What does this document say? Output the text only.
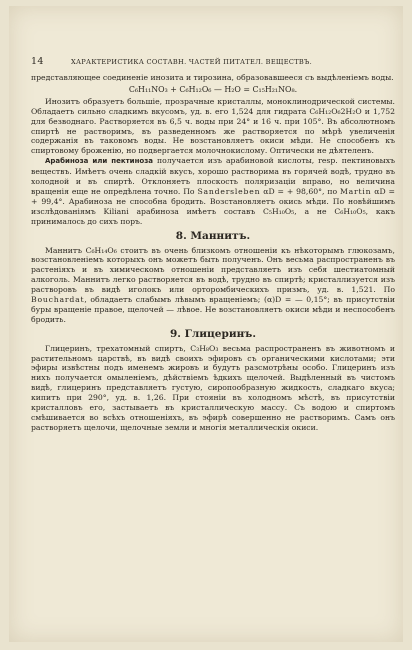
14	ХАРАКТЕРИСТИКА СОСТАВН. ЧАСТЕЙ ПИТАТЕЛ. ВЕЩЕСТВЪ.

представляющее соединеніе инозита и тирозина, образовавшееся съ выдѣленіемъ воды.

C₆H₁₁NO₃ + C₆H₁₂O₆ — H₂O = C₁₅H₂₁NO₈.

Инозитъ образуетъ большіе, прозрачные кристаллы, моноклинодрической системы. Обладаетъ сильно сладкимъ вкусомъ, уд. в. его 1,524 для гидрата C₆H₁₂O₆2H₂O и 1,752 для безводнаго. Растворяется въ 6,5 ч. воды при 24° и 16 ч. при 105°. Въ абсолютномъ спиртѣ не растворимъ, въ разведенномъ же растворяется по мѣрѣ увеличенія содержанія въ таковомъ воды. Не возстановляетъ окиси мѣди. Не способенъ къ спиртовому броженію, но подвергается молочнокислому. Оптически не дѣятеленъ.

Арабиноза или пектиноза получается изъ арабиновой кислоты, resp. пектиновыхъ веществъ. Имѣетъ очень сладкій вкусъ, хорошо растворима въ горячей водѣ, трудно въ холодной и въ спиртѣ. Отклоняетъ плоскость поляризаціи вправо, но величина вращенія еще не опредѣлена точно. По Sandersleben αD = + 98,60°, по Martin αD = + 99,4°. Арабиноза не способна бродить. Возстановляетъ окись мѣди. По новѣйшимъ изслѣдованіямъ Kiliani арабиноза имѣетъ составъ C₅H₁₀O₅, а не C₆H₁₀O₅, какъ принималось до сихъ поръ.

8. Маннитъ.

Маннитъ C₆H₁₄O₆ стоитъ въ очень близкомъ отношеніи къ нѣкоторымъ глюкозамъ, возстановленіемъ которыхъ онъ можетъ быть полученъ. Онъ весьма распространенъ въ растеніяхъ и въ химическомъ отношеніи представляетъ изъ себя шестиатомный алкоголь. Маннитъ легко растворяется въ водѣ, трудно въ спиртѣ; кристаллизуется изъ растворовъ въ видѣ иголокъ или орторомбическихъ призмъ, уд. в. 1,521. По Bouchardat, обладаетъ слабымъ лѣвымъ вращеніемъ; (α)D = — 0,15°; въ присутствіи буры вращеніе правое, щелочей — лѣвое. Не возстановляетъ окиси мѣди и неспособенъ бродить.

9. Глицеринъ.

Глицеринъ, трехатомный спиртъ, C₃H₈O₃ весьма распространенъ въ животномъ и растительномъ царствѣ, въ видѣ своихъ эфировъ съ органическими кислотами; эти эфиры извѣстны подъ именемъ жировъ и будутъ разсмотрѣны особо. Глицеринъ изъ нихъ получается омыленіемъ, дѣйствіемъ ѣдкихъ щелочей. Выдѣленный въ чистомъ видѣ, глицеринъ представляетъ густую, сиропообразную жидкость, сладкаго вкуса; кипитъ при 290°, уд. в. 1,26. При стояніи въ холодномъ мѣстѣ, въ присутствіи кристалловъ его, застываетъ въ кристаллическую массу. Съ водою и спиртомъ смѣшивается во всѣхъ отношеніяхъ, въ эфирѣ совершенно не растворимъ. Самъ онъ растворяетъ щелочи, щелочные земли и многія металлическія окиси.
